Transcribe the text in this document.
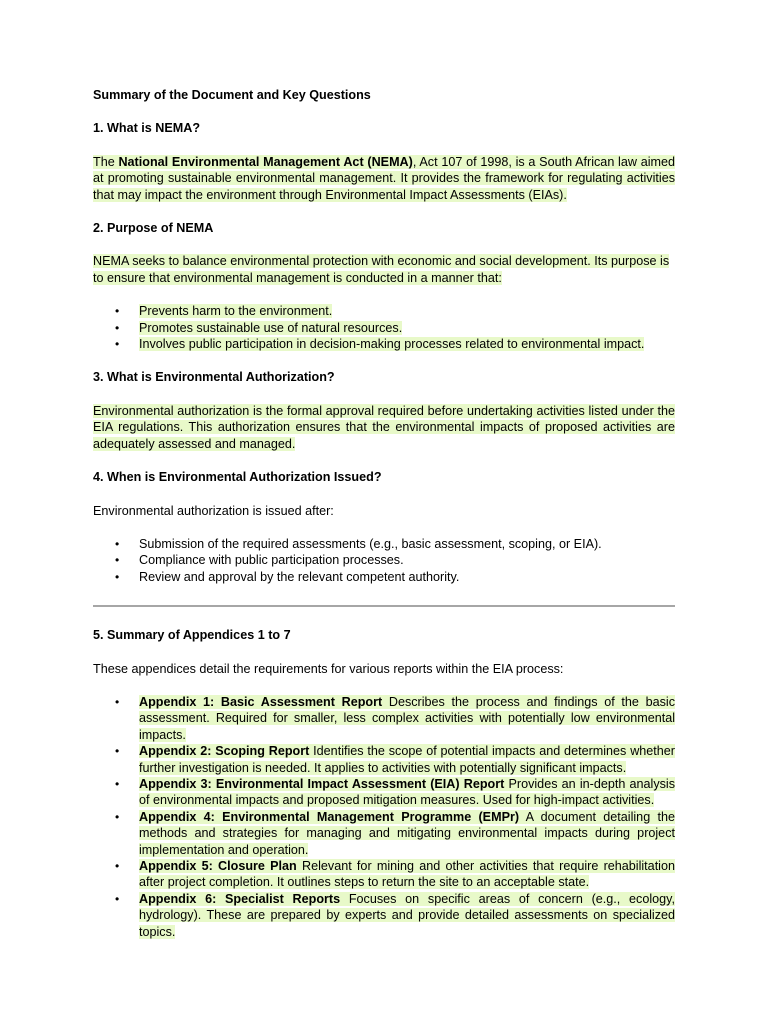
Summary of the Document and Key Questions

1. What is NEMA?

The National Environmental Management Act (NEMA), Act 107 of 1998, is a South African law aimed at promoting sustainable environmental management. It provides the framework for regulating activities that may impact the environment through Environmental Impact Assessments (EIAs).

2. Purpose of NEMA

NEMA seeks to balance environmental protection with economic and social development. Its purpose is to ensure that environmental management is conducted in a manner that:

• Prevents harm to the environment.
• Promotes sustainable use of natural resources.
• Involves public participation in decision-making processes related to environmental impact.

3. What is Environmental Authorization?

Environmental authorization is the formal approval required before undertaking activities listed under the EIA regulations. This authorization ensures that the environmental impacts of proposed activities are adequately assessed and managed.

4. When is Environmental Authorization Issued?

Environmental authorization is issued after:

• Submission of the required assessments (e.g., basic assessment, scoping, or EIA).
• Compliance with public participation processes.
• Review and approval by the relevant competent authority.

5. Summary of Appendices 1 to 7

These appendices detail the requirements for various reports within the EIA process:

• Appendix 1: Basic Assessment Report Describes the process and findings of the basic assessment. Required for smaller, less complex activities with potentially low environmental impacts.
• Appendix 2: Scoping Report Identifies the scope of potential impacts and determines whether further investigation is needed. It applies to activities with potentially significant impacts.
• Appendix 3: Environmental Impact Assessment (EIA) Report Provides an in-depth analysis of environmental impacts and proposed mitigation measures. Used for high-impact activities.
• Appendix 4: Environmental Management Programme (EMPr) A document detailing the methods and strategies for managing and mitigating environmental impacts during project implementation and operation.
• Appendix 5: Closure Plan Relevant for mining and other activities that require rehabilitation after project completion. It outlines steps to return the site to an acceptable state.
• Appendix 6: Specialist Reports Focuses on specific areas of concern (e.g., ecology, hydrology). These are prepared by experts and provide detailed assessments on specialized topics.
